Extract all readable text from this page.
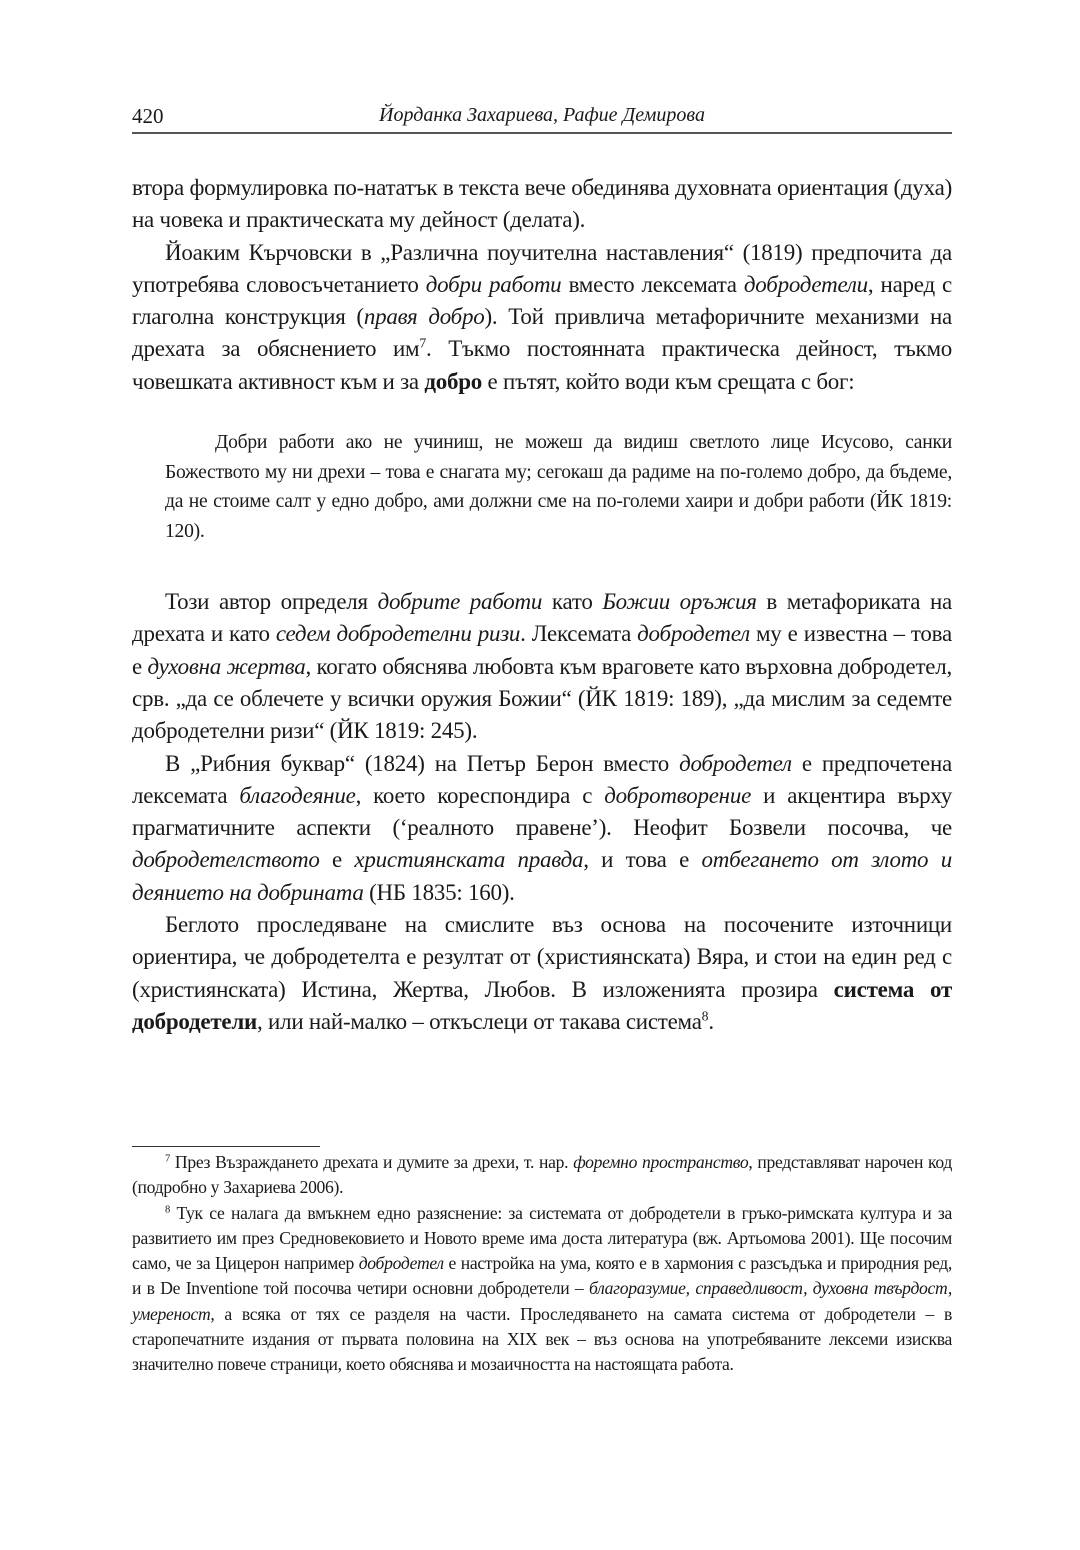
420	Йорданка Захариева, Рафие Демирова

втора формулировка по-нататък в текста вече обединява духовната ориентация (духа) на човека и практическата му дейност (делата).

Йоаким Кърчовски в „Различна поучителна наставления“ (1819) предпочита да употребява словосъчетанието добри работи вместо лексемата добродетели, наред с глаголна конструкция (правя добро). Той привлича метафоричните механизми на дрехата за обяснението $им^7$. Тъкмо постоянната практическа дейност, тъкмо човешката активност към и за добро е пътят, който води към срещата с бог:

Добри работи ако не учиниш, не можеш да видиш светлото лице Исусово, санки Божеството му ни дрехи – това е снагата му; сегокаш да радиме на по-големо добро, да бъдеме, да не стоиме салт у едно добро, ами должни сме на по-големи хаири и добри работи (ЙК 1819: 120).

Този автор определя добрите работи като Божии оръжия в метафориката на дрехата и като седем добродетелни ризи. Лексемата добродетел му е известна – това е духовна жертва, когато обяснява любовта към враговете като върховна добродетел, срв. „да се облечете у всички оружия Божии“ (ЙК 1819: 189), „да мислим за седемте добродетелни ризи“ (ЙК 1819: 245).

В „Рибния буквар“ (1824) на Петър Берон вместо добродетел е предпочетена лексемата благодеяние, което кореспондира с добротворение и акцентира върху прагматичните аспекти (‘реалното правене’). Неофит Бозвели посочва, че добродетелството е християнската правда, и това е отбегането от злото и деянието на добрината (НБ 1835: 160).

Беглото проследяване на смислите въз основа на посочените източници ориентира, че добродетелта е резултат от (християнската) Вяра, и стои на един ред с (християнската) Истина, Жертва, Любов. В изложенията прозира система от добродетели, или най-малко – откъслеци от такава система$^8$.

$^7$ През Възраждането дрехата и думите за дрехи, т. нар. форемно пространство, представляват нарочен код (подробно у Захариева 2006).

$^8$ Тук се налага да вмъкнем едно разяснение: за системата от добродетели в гръко-римската култура и за развитието им през Средновековието и Новото време има доста литература (вж. Артьомова 2001). Ще посочим само, че за Цицерон например добродетел е настройка на ума, която е в хармония с разсъдъка и природния ред, и в De Inventione той посочва четири основни добродетели – благоразумие, справедливост, духовна твърдост, умереност, а всяка от тях се разделя на части. Проследяването на самата система от добродетели – в старопечатните издания от първата половина на XIX век – въз основа на употребяваните лексеми изисква значително повече страници, което обяснява и мозаичността на настоящата работа.
